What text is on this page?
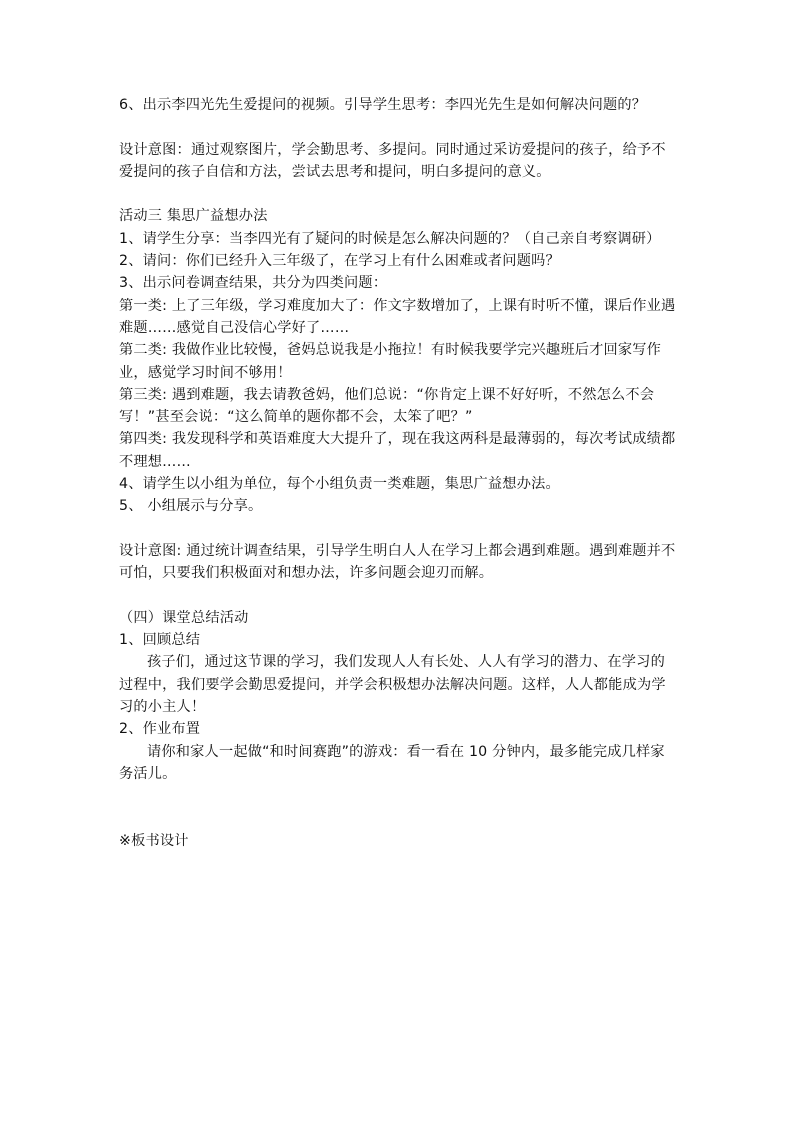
6、出示李四光先生爱提问的视频。引导学生思考：李四光先生是如何解决问题的？
设计意图：通过观察图片，学会勤思考、多提问。同时通过采访爱提问的孩子，给予不爱提问的孩子自信和方法，尝试去思考和提问，明白多提问的意义。
活动三 集思广益想办法
1、请学生分享：当李四光有了疑问的时候是怎么解决问题的？（自己亲自考察调研）
2、请问：你们已经升入三年级了，在学习上有什么困难或者问题吗？
3、出示问卷调查结果，共分为四类问题：
第一类: 上了三年级，学习难度加大了：作文字数增加了，上课有时听不懂，课后作业遇难题……感觉自己没信心学好了……
第二类: 我做作业比较慢，爸妈总说我是小拖拉！有时候我要学完兴趣班后才回家写作业，感觉学习时间不够用！
第三类: 遇到难题，我去请教爸妈，他们总说：“你肯定上课不好好听，不然怎么不会写！”甚至会说：“这么简单的题你都不会，太笨了吧？”
第四类: 我发现科学和英语难度大大提升了，现在我这两科是最薄弱的，每次考试成绩都不理想……
4、请学生以小组为单位，每个小组负责一类难题，集思广益想办法。
5、 小组展示与分享。
设计意图: 通过统计调查结果，引导学生明白人人在学习上都会遇到难题。遇到难题并不可怕，只要我们积极面对和想办法，许多问题会迎刃而解。
（四）课堂总结活动
1、回顾总结
孩子们，通过这节课的学习，我们发现人人有长处、人人有学习的潜力、在学习的过程中，我们要学会勤思爱提问，并学会积极想办法解决问题。这样，人人都能成为学习的小主人！
2、作业布置
请你和家人一起做“和时间赛跑”的游戏：看一看在 10 分钟内，最多能完成几样家务活儿。
※板书设计
